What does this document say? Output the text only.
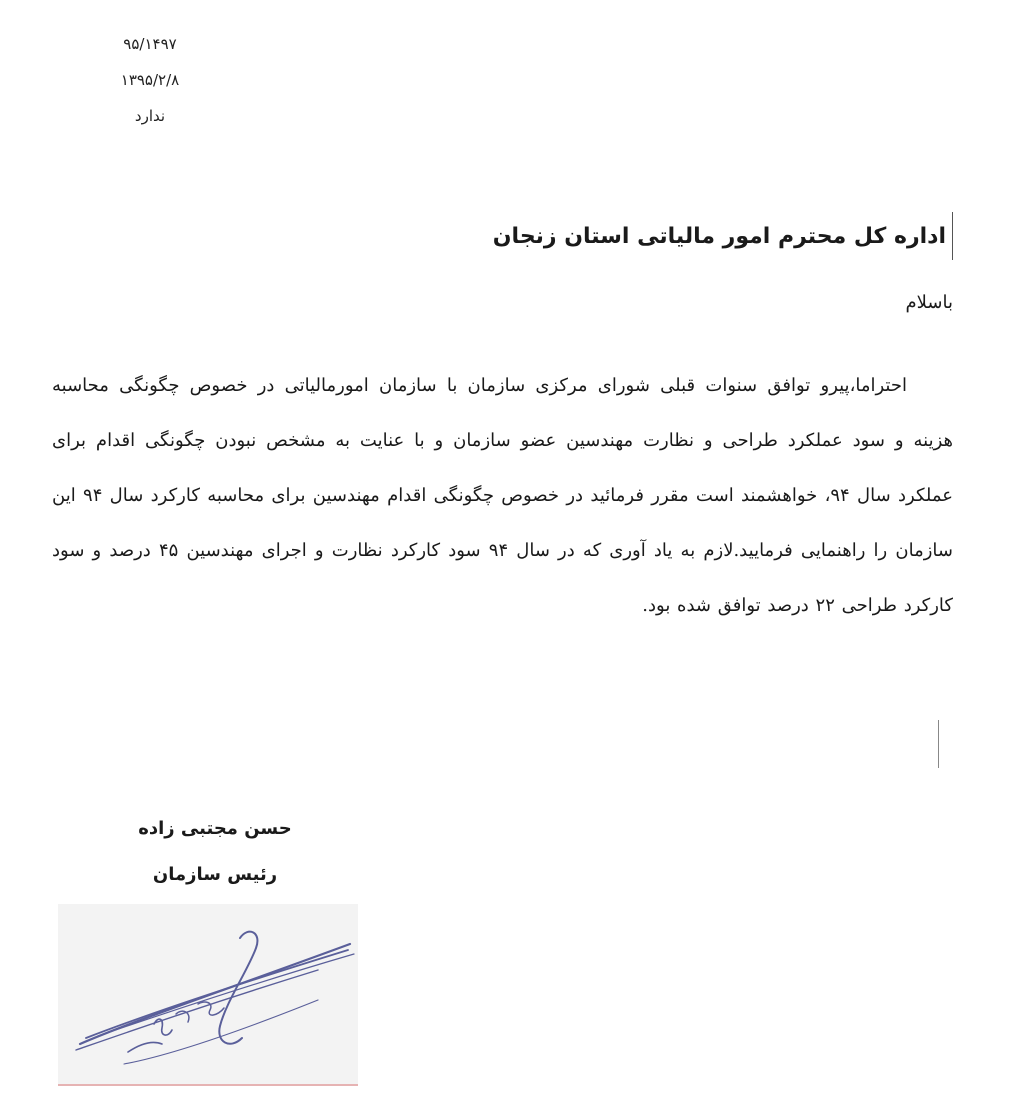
۹۵/۱۴۹۷
۱۳۹۵/۲/۸
ندارد
اداره کل محترم امور مالیاتی استان زنجان
باسلام

احتراما،پیرو توافق سنوات قبلی شورای مرکزی سازمان با سازمان امورمالیاتی در خصوص چگونگی محاسبه هزینه و سود عملکرد طراحی و نظارت مهندسین عضو سازمان و با عنایت به مشخص نبودن چگونگی اقدام برای عملکرد سال ۹۴، خواهشمند است مقرر فرمائید در خصوص چگونگی اقدام مهندسین برای محاسبه کارکرد سال ۹۴ این سازمان را راهنمایی فرمایید.لازم به یاد آوری که در سال ۹۴ سود کارکرد نظارت و اجرای مهندسین ۴۵ درصد و سود کارکرد طراحی ۲۲ درصد توافق شده بود.

حسن مجتبی زاده
رئیس سازمان
